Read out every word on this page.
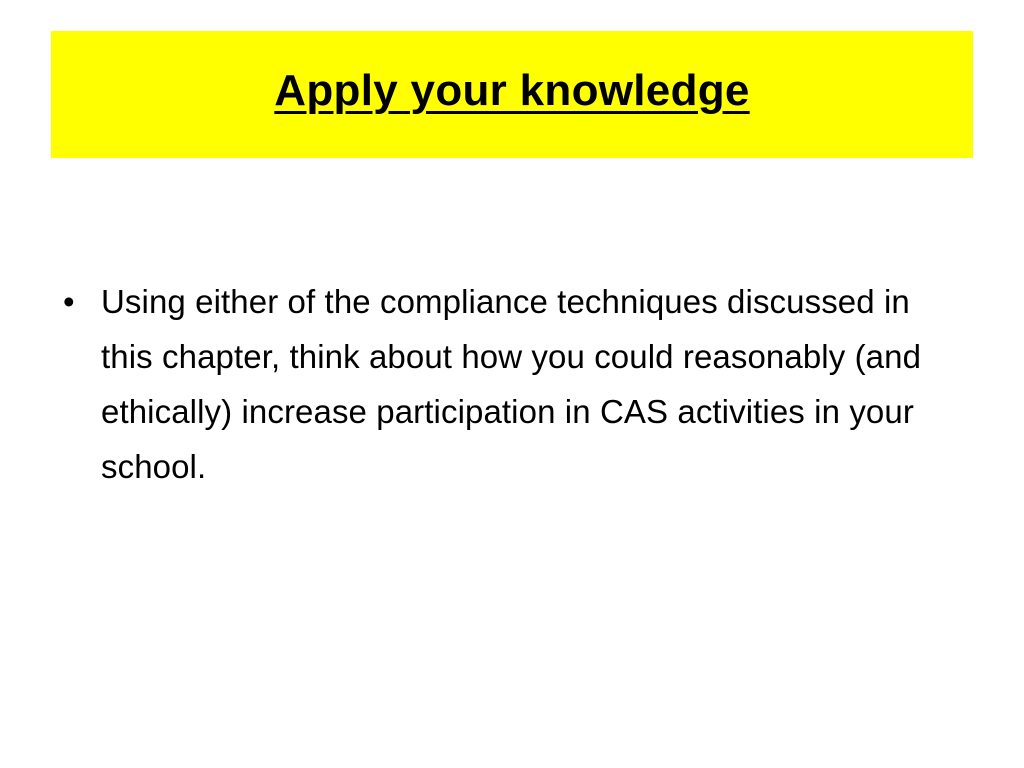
Apply your knowledge
• Using either of the compliance techniques discussed in this chapter, think about how you could reasonably (and ethically) increase participation in CAS activities in your school.
